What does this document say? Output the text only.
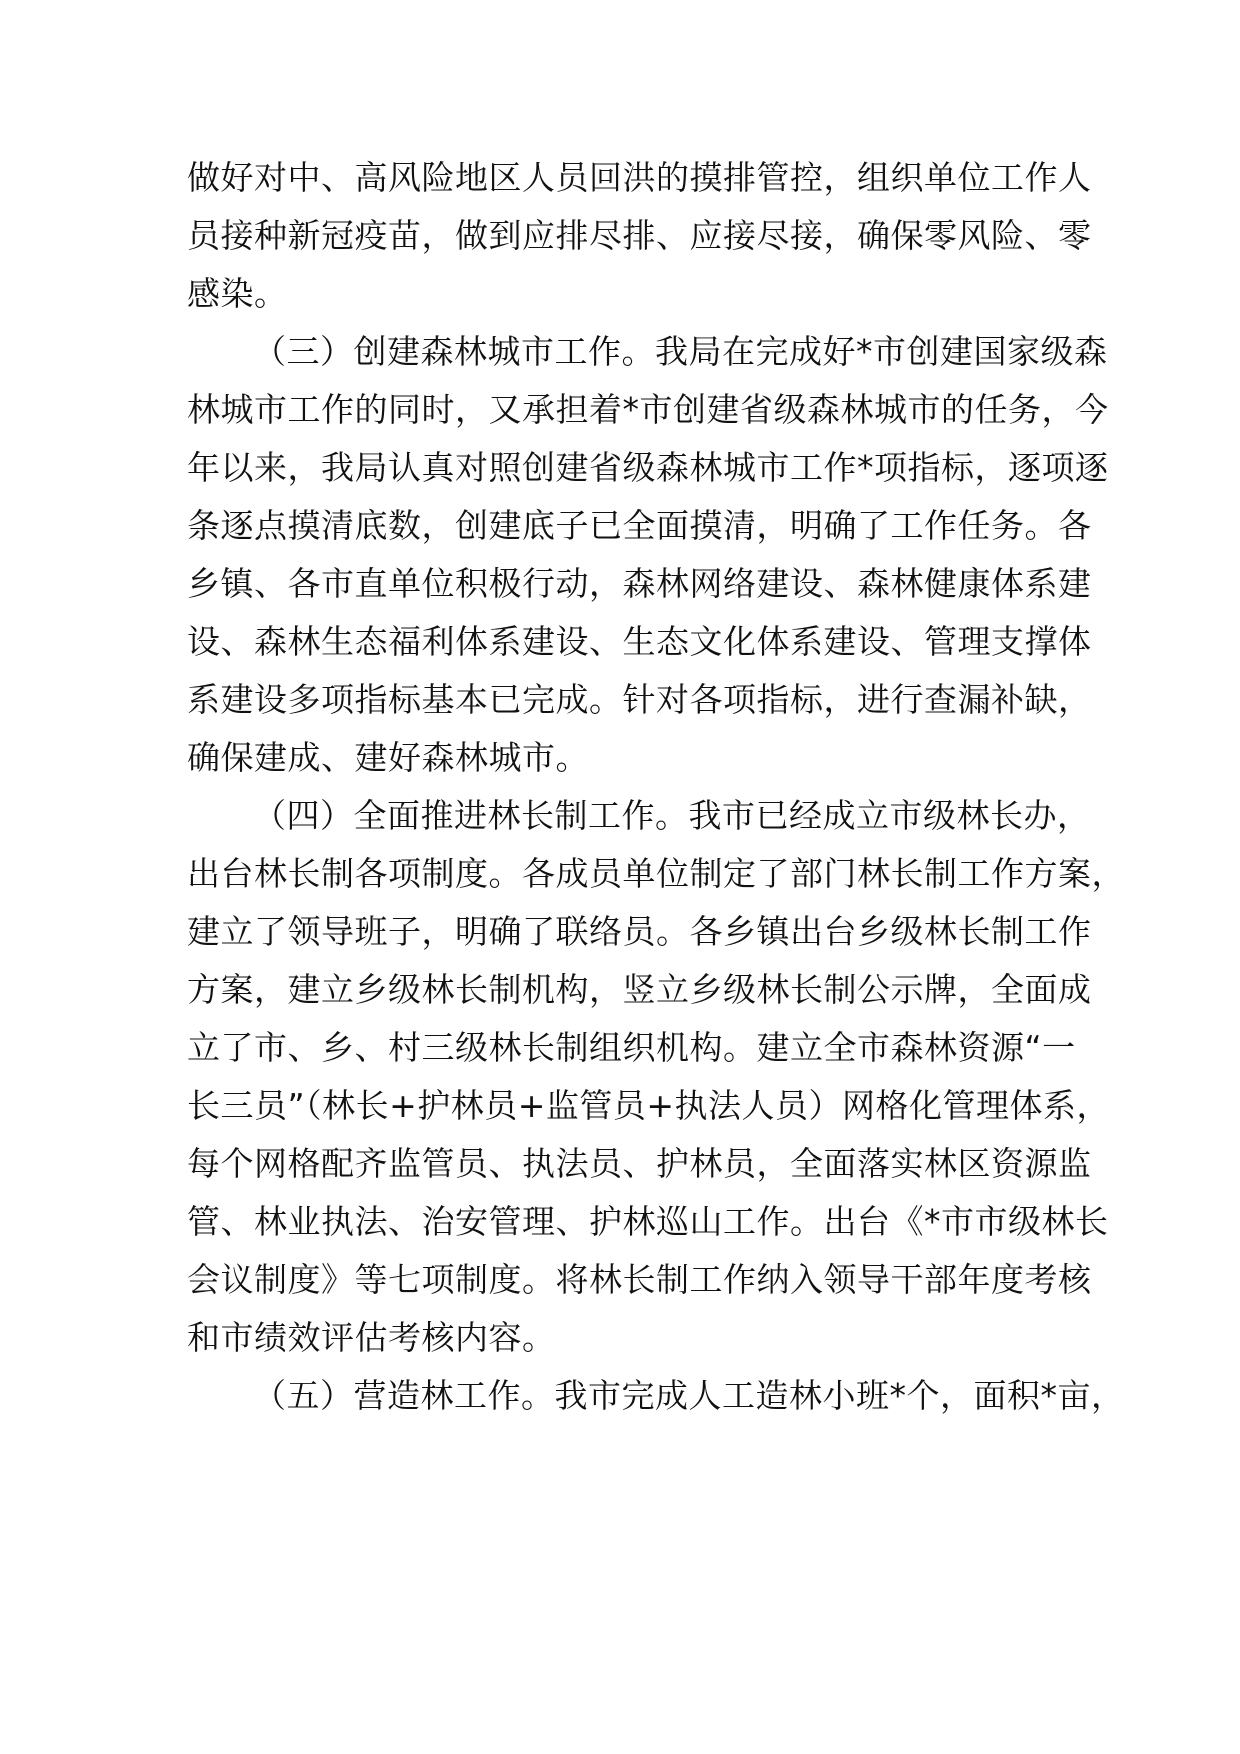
做好对中、高风险地区人员回洪的摸排管控，组织单位工作人
员接种新冠疫苗，做到应排尽排、应接尽接，确保零风险、零
感染。
（三）创建森林城市工作。我局在完成好*市创建国家级森
林城市工作的同时，又承担着*市创建省级森林城市的任务，今
年以来，我局认真对照创建省级森林城市工作*项指标，逐项逐
条逐点摸清底数，创建底子已全面摸清，明确了工作任务。各
乡镇、各市直单位积极行动，森林网络建设、森林健康体系建
设、森林生态福利体系建设、生态文化体系建设、管理支撑体
系建设多项指标基本已完成。针对各项指标，进行查漏补缺，
确保建成、建好森林城市。
（四）全面推进林长制工作。我市已经成立市级林长办，
出台林长制各项制度。各成员单位制定了部门林长制工作方案，
建立了领导班子，明确了联络员。各乡镇出台乡级林长制工作
方案，建立乡级林长制机构，竖立乡级林长制公示牌，全面成
立了市、乡、村三级林长制组织机构。建立全市森林资源“一
长三员”（林长+护林员+监管员+执法人员）网格化管理体系，
每个网格配齐监管员、执法员、护林员，全面落实林区资源监
管、林业执法、治安管理、护林巡山工作。出台《*市市级林长
会议制度》等七项制度。将林长制工作纳入领导干部年度考核
和市绩效评估考核内容。
（五）营造林工作。我市完成人工造林小班*个，面积*亩，
